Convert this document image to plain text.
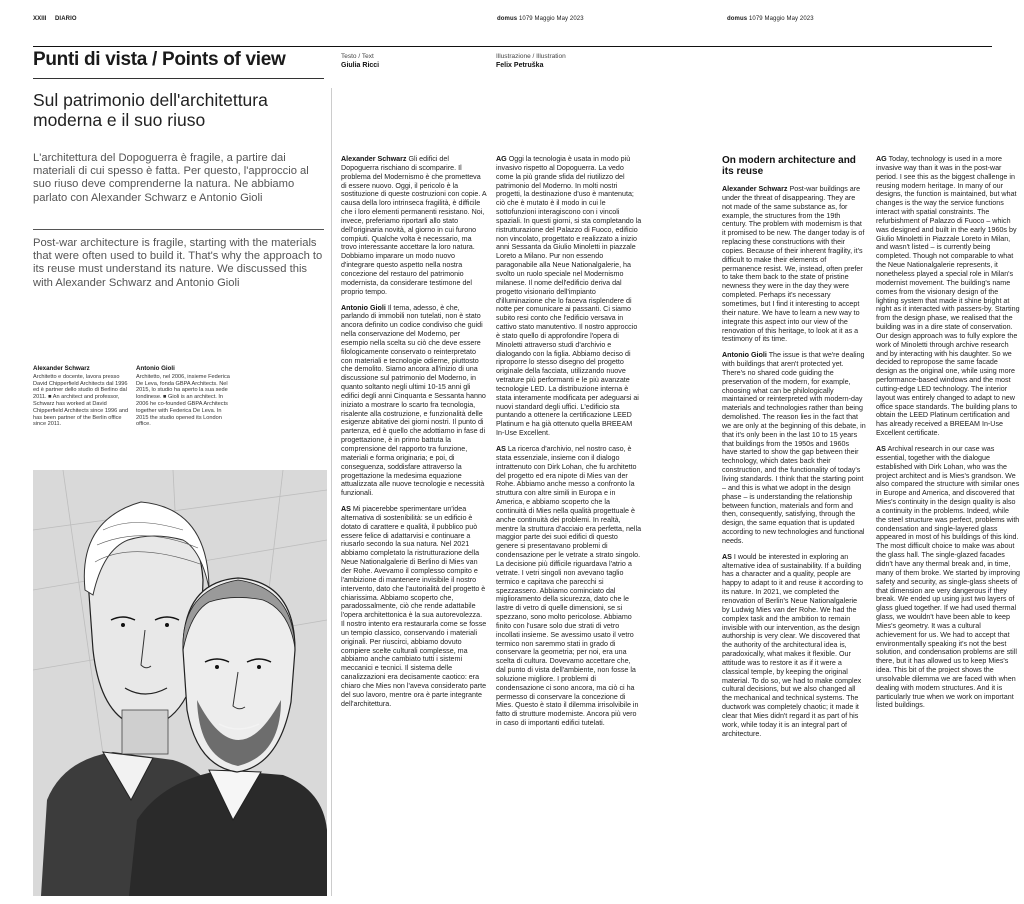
XXIII DIARIO	domus 1079 Maggio May 2023	domus 1079 Maggio May 2023
Punti di vista / Points of view	Testo / Text
Giulia Ricci
Illustrazione / Illustration
Felix Petruška
Sul patrimonio dell'architettura
moderna e il suo riuso
L'architettura del Dopoguerra è fragile, a partire dai materiali di cui spesso è fatta. Per questo, l'approccio al suo riuso deve comprenderne la natura. Ne abbiamo parlato con Alexander Schwarz e Antonio Gioli
Post-war architecture is fragile, starting with the materials that were often used to build it. That's why the approach to its reuse must understand its nature. We discussed this with Alexander Schwarz and Antonio Gioli
Alexander Schwarz
Architetto e docente, lavora presso David Chipperfield Architects dal 1996 ed è partner dello studio di Berlino dal 2011. ■ An architect and professor, Schwarz has worked at David Chipperfield Architects since 1996 and has been partner of the Berlin office since 2011.
Antonio Gioli
Architetto, nel 2006, insieme Federica De Leva, fonda GBPA Architects. Nel 2015, lo studio ha aperto la sua sede londinese. ■ Gioli is an architect. In 2006 he co-founded GBPA Architects together with Federica De Leva. In 2015 the studio opened its London office.

Alexander Schwarz Gli edifici del Dopoguerra rischiano di scomparire. Il problema del Modernismo è che prometteva di essere nuovo. Oggi, il pericolo è la sostituzione di queste costruzioni con copie. A causa della loro intrinseca fragilità, è difficile che i loro elementi permanenti resistano. Noi, invece, preferiamo riportarli allo stato dell'originaria novità, al giorno in cui furono compiuti. Qualche volta è necessario, ma trovo interessante accettare la loro natura. Dobbiamo imparare un modo nuovo d'integrare questo aspetto nella nostra concezione del restauro del patrimonio modernista, da considerare testimone del proprio tempo.

Antonio Gioli Il tema, adesso, è che, parlando di immobili non tutelati, non è stato ancora definito un codice condiviso che guidi nella conservazione del Moderno, per esempio nella scelta su ciò che deve essere filologicamente conservato o reinterpretato con materiali e tecnologie odierne, piuttosto che demolito. Siamo ancora all'inizio di una discussione sul patrimonio del Moderno, in quanto soltanto negli ultimi 10-15 anni gli edifici degli anni Cinquanta e Sessanta hanno iniziato a mostrare lo scarto fra tecnologia, risalente alla costruzione, e funzionalità delle esigenze abitative dei giorni nostri. Il punto di partenza, ed è quello che adottiamo in fase di progettazione, è in primo battuta la comprensione del rapporto tra funzione, materiali e forma originaria; e poi, di conseguenza, soddisfare attraverso la progettazione la medesima equazione attualizzata alle nuove tecnologie e necessità funzionali.

AS Mi piacerebbe sperimentare un'idea alternativa di sostenibilità: se un edificio è dotato di carattere e qualità, il pubblico può essere felice di adattarvisi e continuare a riusarlo secondo la sua natura. Nel 2021 abbiamo completato la ristrutturazione della Neue Nationalgalerie di Berlino di Mies van der Rohe. Avevamo il complesso compito e l'ambizione di mantenere invisibile il nostro intervento, dato che l'autorialità del progetto è chiarissima. Abbiamo scoperto che, paradossalmente, ciò che rende adattabile l'opera architettonica è la sua autorevolezza. Il nostro intento era restaurarla come se fosse un tempio classico, conservando i materiali originali. Per riuscirci, abbiamo dovuto compiere scelte culturali complesse, ma abbiamo anche cambiato tutti i sistemi meccanici e tecnici. Il sistema delle canalizzazioni era decisamente caotico: era chiaro che Mies non l'aveva considerato parte del suo lavoro, mentre ora è parte integrante dell'architettura.

AG Oggi la tecnologia è usata in modo più invasivo rispetto al Dopoguerra. La vedo come la più grande sfida del riutilizzo del patrimonio del Moderno. In molti nostri progetti, la destinazione d'uso è mantenuta; ciò che è mutato è il modo in cui le sottofunzioni interagiscono con i vincoli spaziali. In questi giorni, si sta completando la ristrutturazione del Palazzo di Fuoco, edificio non vincolato, progettato e realizzato a inizio anni Sessanta da Giulio Minoletti in piazzale Loreto a Milano. Pur non essendo paragonabile alla Neue Nationalgalerie, ha svolto un ruolo speciale nel Modernismo milanese. Il nome dell'edificio deriva dal progetto visionario dell'impianto d'illuminazione che lo faceva risplendere di notte per comunicare ai passanti. Ci siamo subito resi conto che l'edificio versava in cattivo stato manutentivo. Il nostro approccio è stato quello di approfondire l'opera di Minoletti attraverso studi d'archivio e dialogando con la figlia. Abbiamo deciso di riproporre lo stesso disegno del progetto originale della facciata, utilizzando nuove vetrature più performanti e le più avanzate tecnologie LED. La distribuzione interna è stata interamente modificata per adeguarsi ai nuovi standard degli uffici. L'edificio sta puntando a ottenere la certificazione LEED Platinum e ha già ottenuto quella BREEAM In-Use Excellent.

AS La ricerca d'archivio, nel nostro caso, è stata essenziale, insieme con il dialogo intrattenuto con Dirk Lohan, che fu architetto del progetto ed era nipote di Mies van der Rohe. Abbiamo anche messo a confronto la struttura con altre simili in Europa e in America, e abbiamo scoperto che la continuità di Mies nella qualità progettuale è anche continuità dei problemi. In realtà, mentre la struttura d'acciaio era perfetta, nella maggior parte dei suoi edifici di questo genere si presentavano problemi di condensazione per le vetrate a strato singolo. La decisione più difficile riguardava l'atrio a vetrate. I vetri singoli non avevano taglio termico e capitava che parecchi si spezzassero. Abbiamo cominciato dal miglioramento della sicurezza, dato che le lastre di vetro di quelle dimensioni, se si spezzano, sono molto pericolose. Abbiamo finito con l'usare solo due strati di vetro incollati insieme. Se avessimo usato il vetro termico non saremmo stati in grado di conservare la geometria; per noi, era una scelta di cultura. Dovevamo accettare che, dal punto di vista dell'ambiente, non fosse la soluzione migliore. I problemi di condensazione ci sono ancora, ma ciò ci ha permesso di conservare la concezione di Mies. Questo è stato il dilemma irrisolvibile in fatto di strutture moderniste. Ancora più vero in caso di importanti edifici tutelati.

On modern architecture and its reuse

Alexander Schwarz Post-war buildings are under the threat of disappearing. They are not made of the same substance as, for example, the structures from the 19th century. The problem with modernism is that it promised to be new. The danger today is of replacing these constructions with their copies. Because of their inherent fragility, it's difficult to make their elements of permanence resist. We, instead, often prefer to take them back to the state of pristine newness they were in the day they were completed. Perhaps it's necessary sometimes, but I find it interesting to accept their nature. We have to learn a new way to integrate this aspect into our view of the renovation of this heritage, to look at it as a testimony of its time.

Antonio Gioli The issue is that we're dealing with buildings that aren't protected yet. There's no shared code guiding the preservation of the modern, for example, choosing what can be philologically maintained or reinterpreted with modern-day materials and technologies rather than being demolished. The reason lies in the fact that we are only at the beginning of this debate, in that it's only been in the last 10 to 15 years that buildings from the 1950s and 1960s have started to show the gap between their technology, which dates back their construction, and the functionality of today's living standards. I think that the starting point – and this is what we adopt in the design phase – is understanding the relationship between function, materials and form and then, consequently, satisfying, through the design, the same equation that is updated according to new technologies and functional needs.

AS I would be interested in exploring an alternative idea of sustainability. If a building has a character and a quality, people are happy to adapt to it and reuse it according to its nature. In 2021, we completed the renovation of Berlin's Neue Nationalgalerie by Ludwig Mies van der Rohe. We had the complex task and the ambition to remain invisible with our intervention, as the design authorship is very clear. We discovered that the authority of the architectural idea is, paradoxically, what makes it flexible. Our attitude was to restore it as if it were a classical temple, by keeping the original material. To do so, we had to make complex cultural decisions, but we also changed all the mechanical and technical systems. The ductwork was completely chaotic; it made it clear that Mies didn't regard it as part of his work, while today it is an integral part of architecture.

AG Today, technology is used in a more invasive way than it was in the post-war period. I see this as the biggest challenge in reusing modern heritage. In many of our designs, the function is maintained, but what changes is the way the service functions interact with spatial constraints. The refurbishment of Palazzo di Fuoco – which was designed and built in the early 1960s by Giulio Minoletti in Piazzale Loreto in Milan, and wasn't listed – is currently being completed. Though not comparable to what the Neue Nationalgalerie represents, it nonetheless played a special role in Milan's modernist movement. The building's name comes from the visionary design of the lighting system that made it shine bright at night as it interacted with passers-by. Starting from the design phase, we realised that the building was in a dire state of conservation. Our design approach was to fully explore the work of Minoletti through archive research and by interacting with his daughter. So we decided to repropose the same facade design as the original one, while using more performance-based windows and the most cutting-edge LED technology. The interior layout was entirely changed to adapt to new office space standards. The building plans to obtain the LEED Platinum certification and has already received a BREEAM In-Use Excellent certificate.

AS Archival research in our case was essential, together with the dialogue established with Dirk Lohan, who was the project architect and is Mies's grandson. We also compared the structure with similar ones in Europe and America, and discovered that Mies's continuity in the design quality is also a continuity in the problems. Indeed, while the steel structure was perfect, problems with condensation and single-layered glass appeared in most of his buildings of this kind. The most difficult choice to make was about the glass hall. The single-glazed facades didn't have any thermal break and, in time, many of them broke. We started by improving safety and security, as single-glass sheets of that dimension are very dangerous if they break. We ended up using just two layers of glass glued together. If we had used thermal glass, we wouldn't have been able to keep Mies's geometry. It was a cultural achievement for us. We had to accept that environmentally speaking it's not the best solution, and condensation problems are still there, but it has allowed us to keep Mies's idea. This bit of the project shows the unsolvable dilemma we are faced with when dealing with modern structures. And it is particularly true when we work on important listed buildings.
